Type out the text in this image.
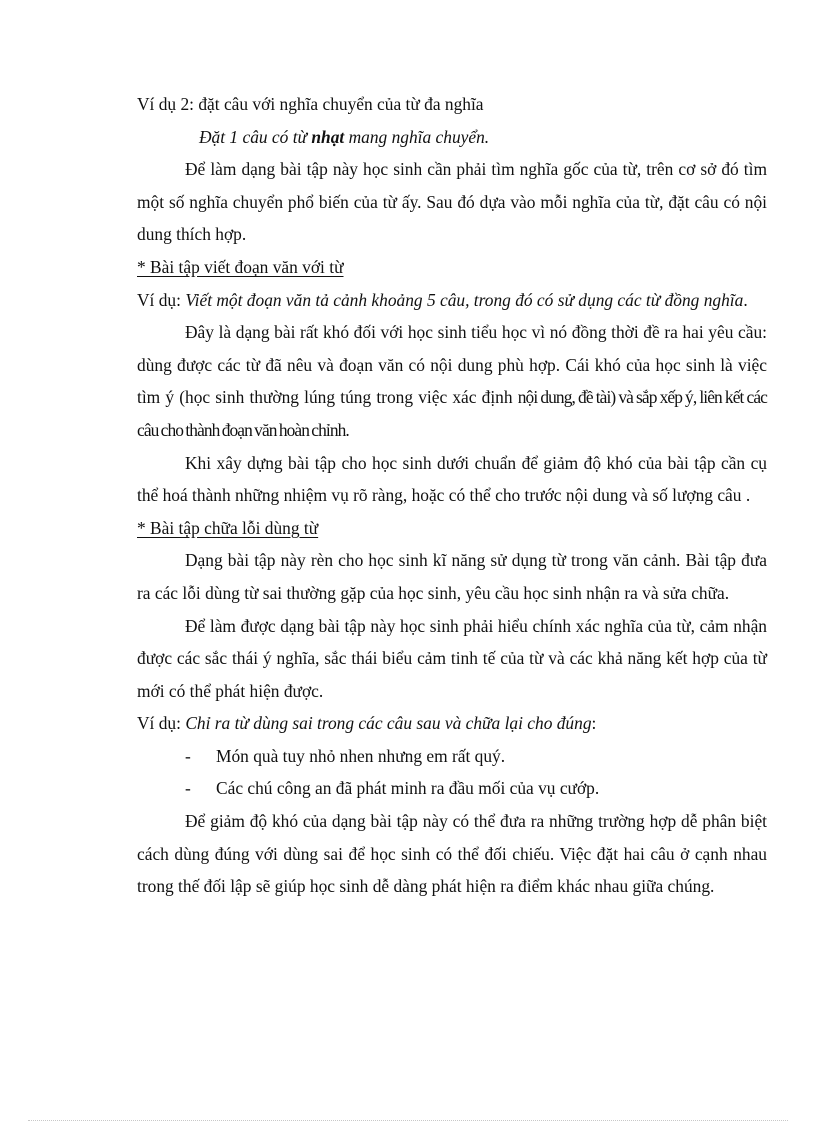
Ví dụ 2: đặt câu với nghĩa chuyển của từ đa nghĩa

Đặt 1 câu có từ nhạt mang nghĩa chuyển.

Để làm dạng bài tập này học sinh cần phải tìm nghĩa gốc của từ, trên cơ sở đó tìm một số nghĩa chuyển phổ biến của từ ấy. Sau đó dựa vào mỗi nghĩa của từ, đặt câu có nội dung thích hợp.

* Bài tập viết đoạn văn với từ

Ví dụ: Viết một đoạn văn tả cảnh khoảng 5 câu, trong đó có sử dụng các từ đồng nghĩa.

Đây là dạng bài rất khó đối với học sinh tiểu học vì nó đồng thời đề ra hai yêu cầu: dùng được các từ đã nêu và đoạn văn có nội dung phù hợp. Cái khó của học sinh là việc tìm ý (học sinh thường lúng túng trong việc xác định nội dung, đề tài) và sắp xếp ý, liên kết các câu cho thành đoạn văn hoàn chỉnh.

Khi xây dựng bài tập cho học sinh dưới chuẩn để giảm độ khó của bài tập cần cụ thể hoá thành những nhiệm vụ rõ ràng, hoặc có thể cho trước nội dung và số lượng câu .

* Bài tập chữa lỗi dùng từ

Dạng bài tập này rèn cho học sinh kĩ năng sử dụng từ trong văn cảnh. Bài tập đưa ra các lỗi dùng từ sai thường gặp của học sinh, yêu cầu học sinh nhận ra và sửa chữa.

Để làm được dạng bài tập này học sinh phải hiểu chính xác nghĩa của từ, cảm nhận được các sắc thái ý nghĩa, sắc thái biểu cảm tinh tế của từ và các khả năng kết hợp của từ mới có thể phát hiện được.

Ví dụ: Chỉ ra từ dùng sai trong các câu sau và chữa lại cho đúng:

- Món quà tuy nhỏ nhen nhưng em rất quý.

- Các chú công an đã phát minh ra đầu mối của vụ cướp.

Để giảm độ khó của dạng bài tập này có thể đưa ra những trường hợp dễ phân biệt cách dùng đúng với dùng sai để học sinh có thể đối chiếu. Việc đặt hai câu ở cạnh nhau trong thế đối lập sẽ giúp học sinh dễ dàng phát hiện ra điểm khác nhau giữa chúng.
